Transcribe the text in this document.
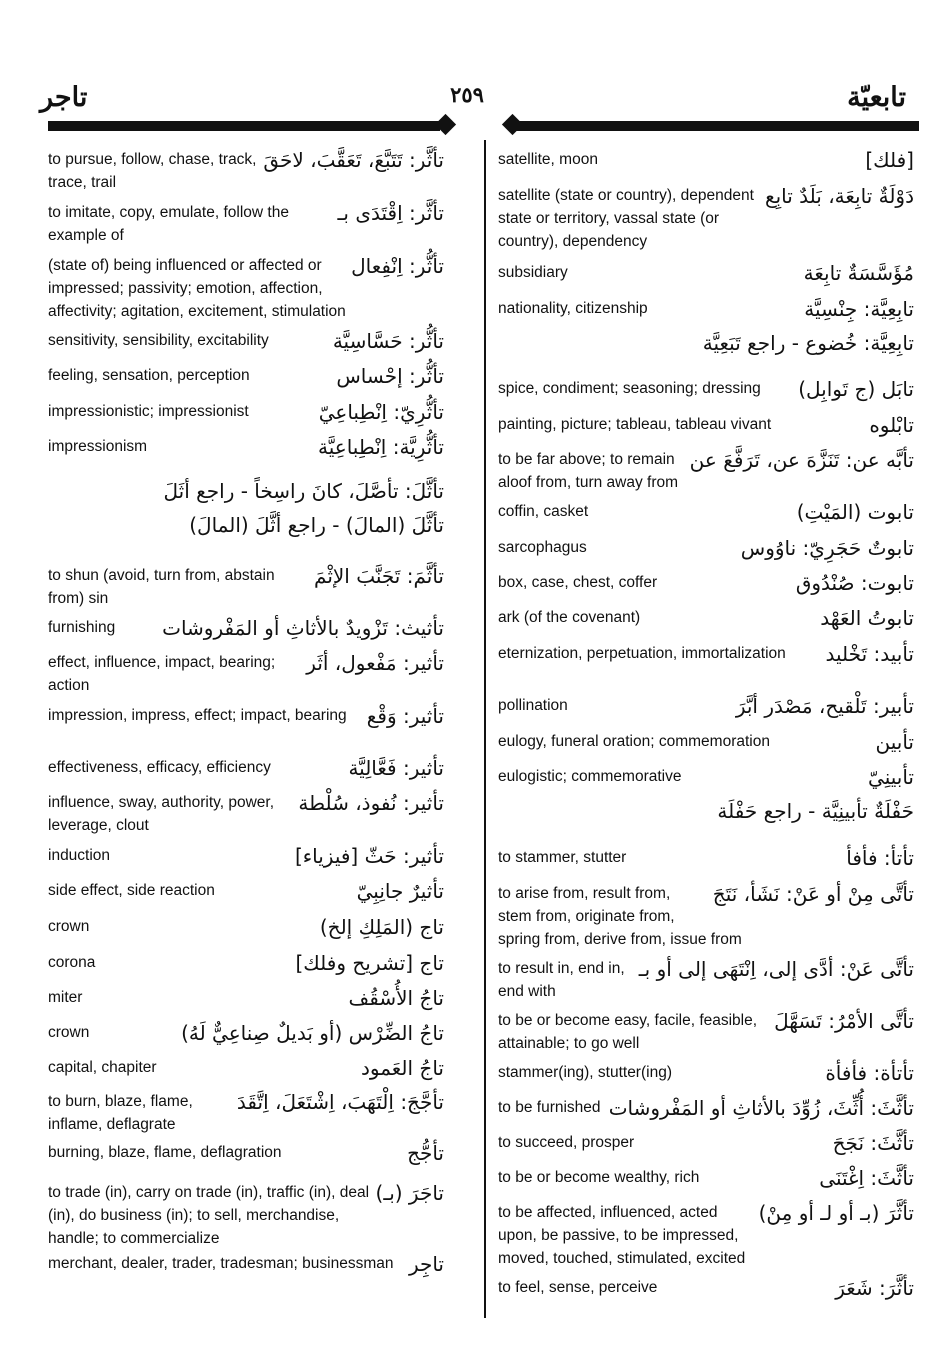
تاجر	٢٥٩	تابعيّة
تأثَّر: تَتَبَّعَ، تَعَقَّبَ، لاحَقَ
to pursue, follow, chase, track, trace, trail
تأثَّر: اِقْتَدَى بـ
to imitate, copy, emulate, follow the example of
تأثُّر: اِنْفِعال
(state of) being influenced or affected or impressed; passivity; emotion, affection, affectivity; agitation, excitement, stimulation
تأثُّر: حَسَّاسِيَّة
sensitivity, sensibility, excitability
تأثُّر: إحْساس
feeling, sensation, perception
تأثُّرِيّ: اِنْطِباعِيّ
impressionistic; impressionist
تأثُّرِيَّة: اِنْطِباعِيَّة
impressionism
تأثَّلَ: تأصَّلَ، كانَ راسِخاً - راجع أثَلَ
تأثَّلَ (المالَ) - راجع أثَّلَ (المالَ)
تأثَّمَ: تَجَنَّبَ الإثْمَ
to shun (avoid, turn from, abstain from) sin
تأثيث: تَزْويدٌ بالأثاثِ أو المَفْروشات
furnishing
تأثير: مَفْعول، أثَر
effect, influence, impact, bearing; action
تأثير: وَقْع
impression, impress, effect; impact, bearing
تأثير: فَعَّالِيَّة
effectiveness, efficacy, efficiency
تأثير: نُفوذ، سُلْطة
influence, sway, authority, power, leverage, clout
تأثير: حَثّ [فيزياء]
induction
تأثيرٌ جانِبِيّ
side effect, side reaction
تاج (المَلِكِ إلخ)
crown
تاج [تشريح وفلك]
corona
تاجُ الأُسْقُف
miter
تاجُ الضِّرْس (أو بَديلٌ صِناعِيٌّ لَهُ)
crown
تاجُ العَمود
capital, chapiter
تأجَّجَ: اِلْتَهَبَ، اِشْتَعَلَ، اِتَّقَدَ
to burn, blaze, flame, inflame, deflagrate
تأجُّج
burning, blaze, flame, deflagration
تاجَرَ (بـ)
to trade (in), carry on trade (in), traffic (in), deal (in), do business (in); to sell, merchandise, handle; to commercialize
تاجِر
merchant, dealer, trader, tradesman; businessman
[فلك]
satellite, moon
دَوْلَةٌ تابِعَة، بَلَدٌ تابِع
satellite (state or country), dependent state or territory, vassal state (or country), dependency
مُؤَسَّسَةٌ تابِعَة
subsidiary
تابِعِيَّة: جِنْسِيَّة
nationality, citizenship
تابِعِيَّة: خُضوع - راجع تَبَعِيَّة
تابَل (ج تَوابِل)
spice, condiment; seasoning; dressing
تابْلوه
painting, picture; tableau, tableau vivant
تأبَّه عن: تَنَزَّهَ عن، تَرَفَّعَ عن
to be far above; to remain aloof from, turn away from
تابوت (المَيْتِ)
coffin, casket
تابوتٌ حَجَرِيّ: ناوُوس
sarcophagus
تابوت: صُنْدُوق
box, case, chest, coffer
تابوتُ العَهْد
ark (of the covenant)
تأبيد: تَخْليد
eternization, perpetuation, immortalization
تأبير: تَلْقيح، مَصْدَر أبَّرَ
pollination
تأبين
eulogy, funeral oration; commemoration
تأبينِيّ
eulogistic; commemorative
حَفْلَةٌ تأبينِيَّة - راجع حَفْلَة
تأتأ: فأفأ
to stammer, stutter
تأتَّى مِنْ أو عَنْ: نَشَأ، نَتَجَ
to arise from, result from, stem from, originate from, spring from, derive from, issue from
تأتَّى عَنْ: أدَّى إلى، اِنْتَهَى إلى أو بـ
to result in, end in, end with
تأتَّى الأمْرُ: تَسَهَّلَ
to be or become easy, facile, feasible, attainable; to go well
تأتأة: فأفأة
stammer(ing), stutter(ing)
تأثَّثَ: أُثِّثَ، زُوِّدَ بالأثاثِ أو المَفْروشات
to be furnished
تأثَّثَ: نَجَحَ
to succeed, prosper
تأثَّثَ: اِغْتَنَى
to be or become wealthy, rich
تأثَّرَ (بـ أو لـ أو مِنْ)
to be affected, influenced, acted upon, be passive, to be impressed, moved, touched, stimulated, excited
تأثَّرَ: شَعَرَ
to feel, sense, perceive
